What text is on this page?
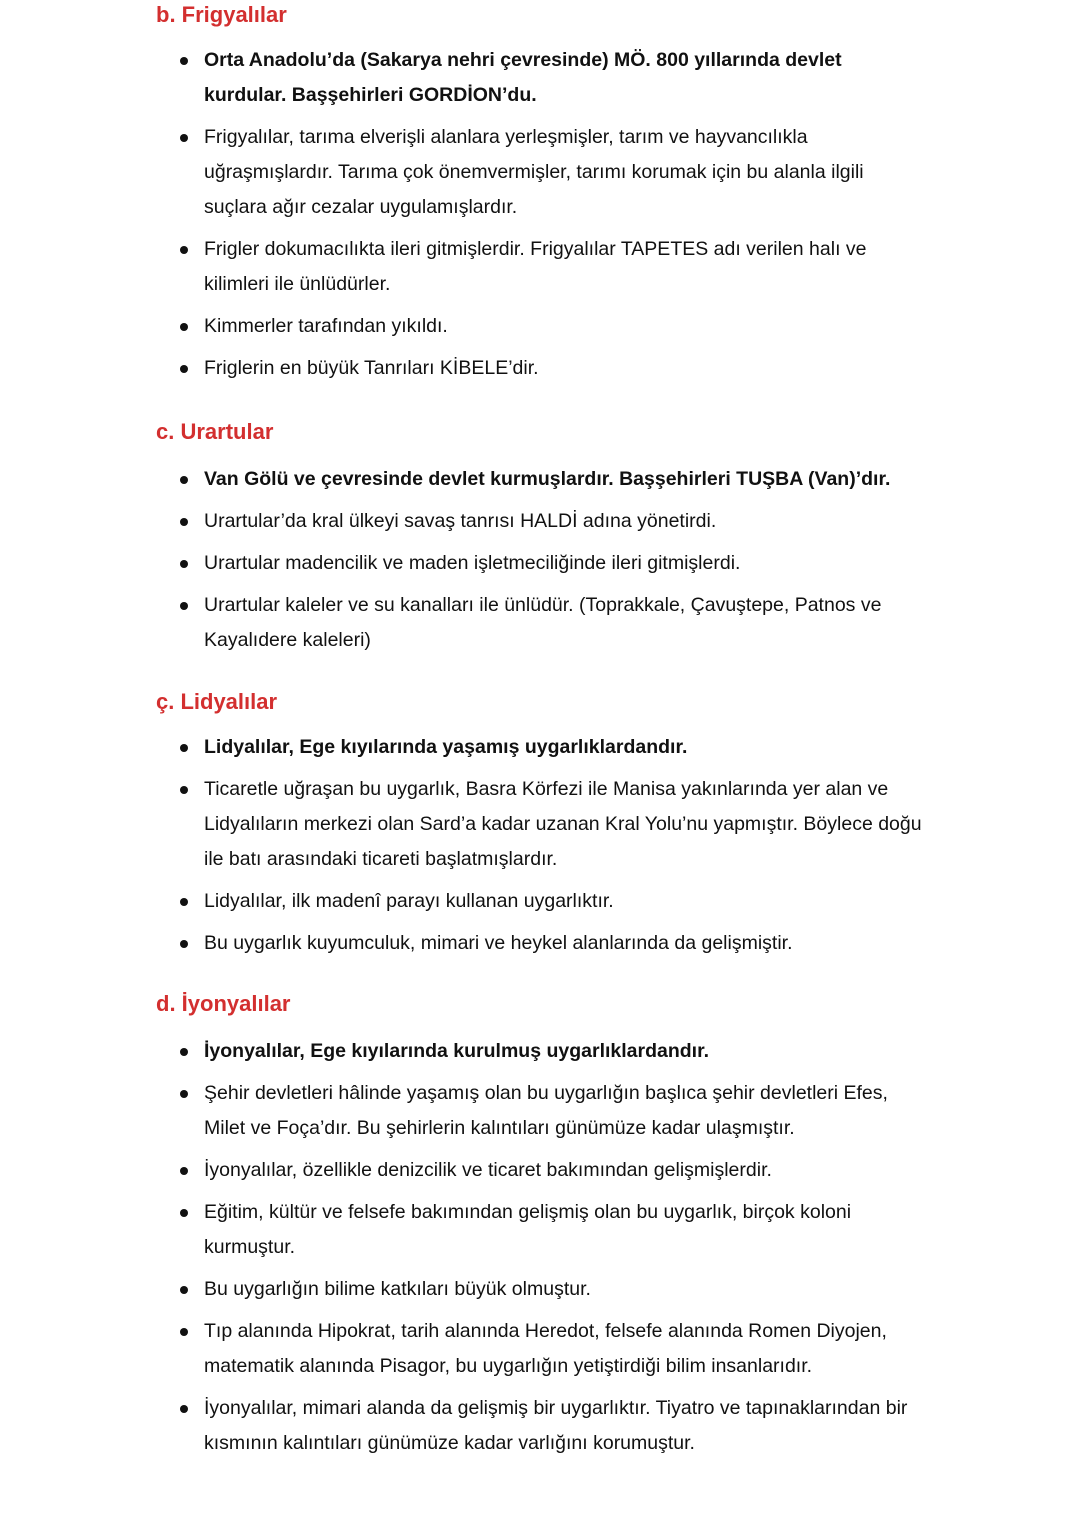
b. Frigyalılar
Orta Anadolu’da (Sakarya nehri çevresinde) MÖ. 800 yıllarında devlet kurdular. Başşehirleri GORDİON’du.
Frigyalılar, tarıma elverişli alanlara yerleşmişler, tarım ve hayvancılıkla uğraşmışlardır. Tarıma çok önemvermişler, tarımı korumak için bu alanla ilgili suçlara ağır cezalar uygulamışlardır.
Frigler dokumacılıkta ileri gitmişlerdir. Frigyalılar TAPETES adı verilen halı ve kilimleri ile ünlüdürler.
Kimmerler tarafından yıkıldı.
Friglerin en büyük Tanrıları KİBELE’dir.
c. Urartular
Van Gölü ve çevresinde devlet kurmuşlardır. Başşehirleri TUŞBA (Van)’dır.
Urartular’da kral ülkeyi savaş tanrısı HALDİ adına yönetirdi.
Urartular madencilik ve maden işletmeciliğinde ileri gitmişlerdi.
Urartular kaleler ve su kanalları ile ünlüdür. (Toprakkale, Çavuştepe, Patnos ve Kayalıdere kaleleri)
ç. Lidyalılar
Lidyalılar, Ege kıyılarında yaşamış uygarlıklardandır.
Ticaretle uğraşan bu uygarlık, Basra Körfezi ile Manisa yakınlarında yer alan ve Lidyalıların merkezi olan Sard’a kadar uzanan Kral Yolu’nu yapmıştır. Böylece doğu ile batı arasındaki ticareti başlatmışlardır.
Lidyalılar, ilk madenî parayı kullanan uygarlıktır.
Bu uygarlık kuyumculuk, mimari ve heykel alanlarında da gelişmiştir.
d. İyonyalılar
İyonyalılar, Ege kıyılarında kurulmuş uygarlıklardandır.
Şehir devletleri hâlinde yaşamış olan bu uygarlığın başlıca şehir devletleri Efes, Milet ve Foça’dır. Bu şehirlerin kalıntıları günümüze kadar ulaşmıştır.
İyonyalılar, özellikle denizcilik ve ticaret bakımından gelişmişlerdir.
Eğitim, kültür ve felsefe bakımından gelişmiş olan bu uygarlık, birçok koloni kurmuştur.
Bu uygarlığın bilime katkıları büyük olmuştur.
Tıp alanında Hipokrat, tarih alanında Heredot, felsefe alanında Romen Diyojen, matematik alanında Pisagor, bu uygarlığın yetiştirdiği bilim insanlarıdır.
İyonyalılar, mimari alanda da gelişmiş bir uygarlıktır. Tiyatro ve tapınaklarından bir kısmının kalıntıları günümüze kadar varlığını korumuştur.
